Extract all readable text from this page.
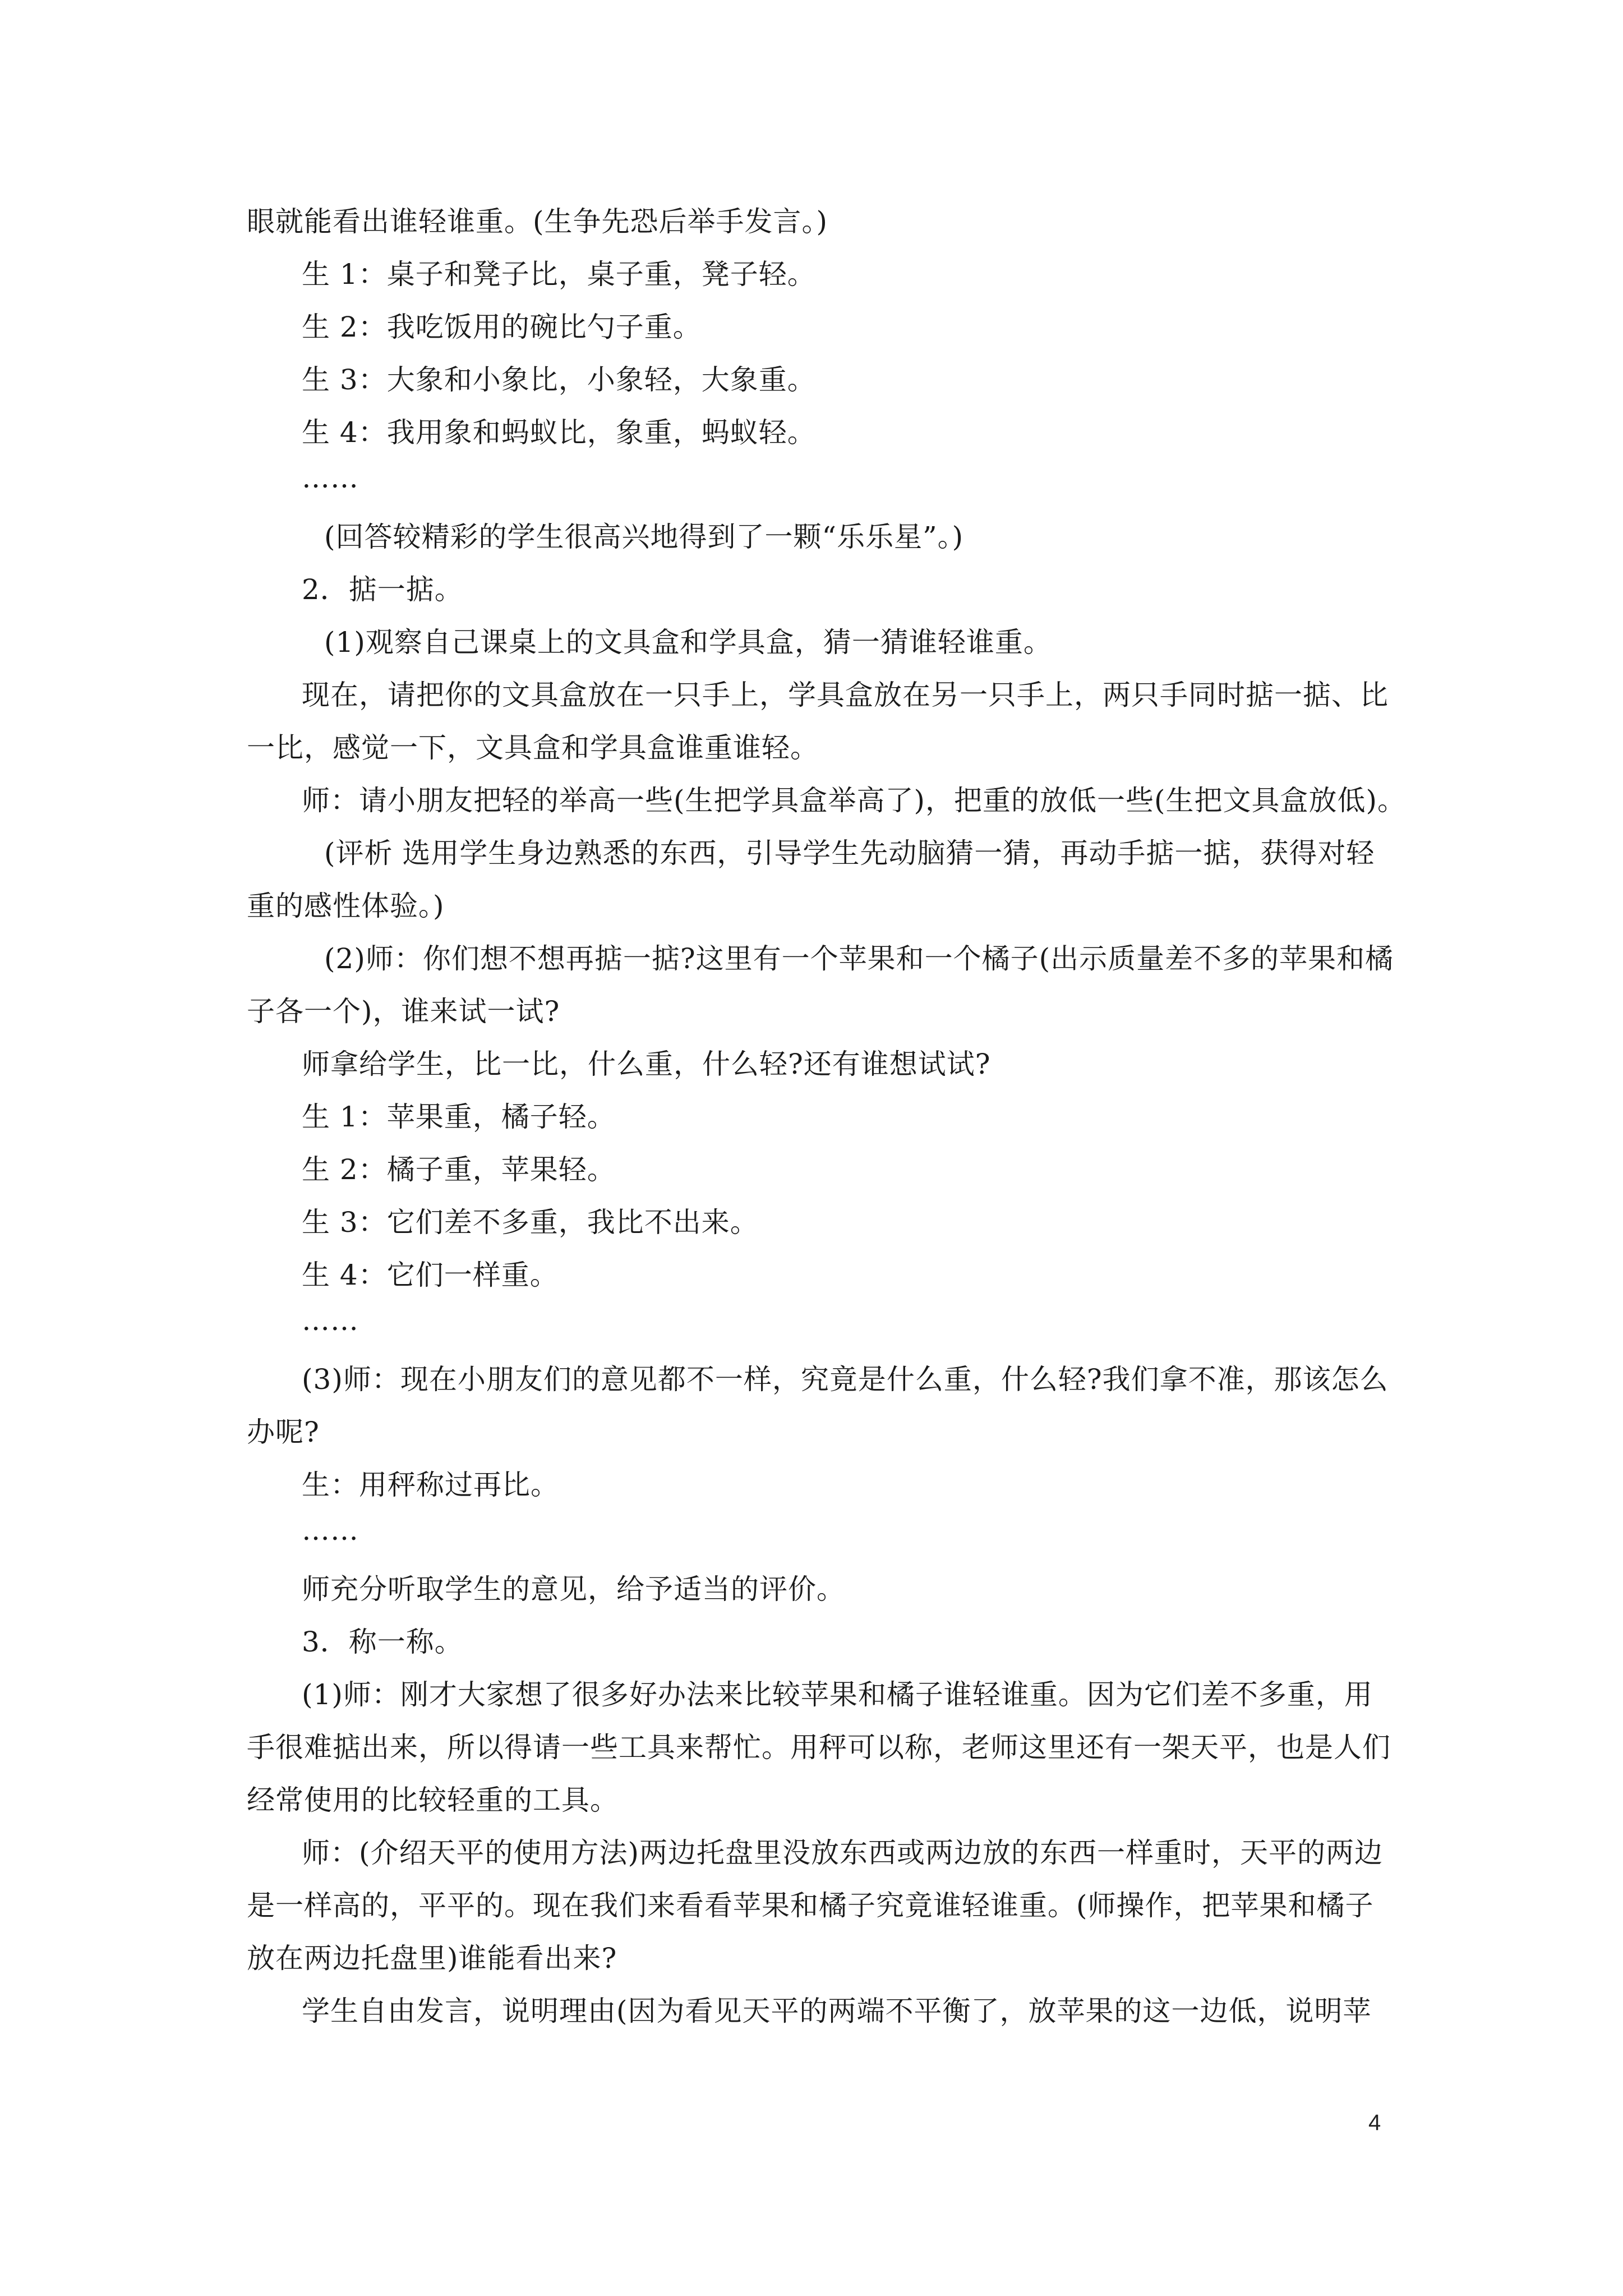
眼就能看出谁轻谁重。(生争先恐后举手发言。)
生 1：桌子和凳子比，桌子重，凳子轻。
生 2：我吃饭用的碗比勺子重。
生 3：大象和小象比，小象轻，大象重。
生 4：我用象和蚂蚁比，象重，蚂蚁轻。
……
(回答较精彩的学生很高兴地得到了一颗“乐乐星”。)
2．掂一掂。
(1)观察自己课桌上的文具盒和学具盒，猜一猜谁轻谁重。
现在，请把你的文具盒放在一只手上，学具盒放在另一只手上，两只手同时掂一掂、比
一比，感觉一下，文具盒和学具盒谁重谁轻。
师：请小朋友把轻的举高一些(生把学具盒举高了)，把重的放低一些(生把文具盒放低)。
(评析 选用学生身边熟悉的东西，引导学生先动脑猜一猜，再动手掂一掂，获得对轻
重的感性体验。)
(2)师：你们想不想再掂一掂?这里有一个苹果和一个橘子(出示质量差不多的苹果和橘
子各一个)，谁来试一试?
师拿给学生，比一比，什么重，什么轻?还有谁想试试?
生 1：苹果重，橘子轻。
生 2：橘子重，苹果轻。
生 3：它们差不多重，我比不出来。
生 4：它们一样重。
……
(3)师：现在小朋友们的意见都不一样，究竟是什么重，什么轻?我们拿不准，那该怎么
办呢?
生：用秤称过再比。
……
师充分听取学生的意见，给予适当的评价。
3．称一称。
(1)师：刚才大家想了很多好办法来比较苹果和橘子谁轻谁重。因为它们差不多重，用
手很难掂出来，所以得请一些工具来帮忙。用秤可以称，老师这里还有一架天平，也是人们
经常使用的比较轻重的工具。
师：(介绍天平的使用方法)两边托盘里没放东西或两边放的东西一样重时，天平的两边
是一样高的，平平的。现在我们来看看苹果和橘子究竟谁轻谁重。(师操作，把苹果和橘子
放在两边托盘里)谁能看出来?
学生自由发言，说明理由(因为看见天平的两端不平衡了，放苹果的这一边低，说明苹
4
